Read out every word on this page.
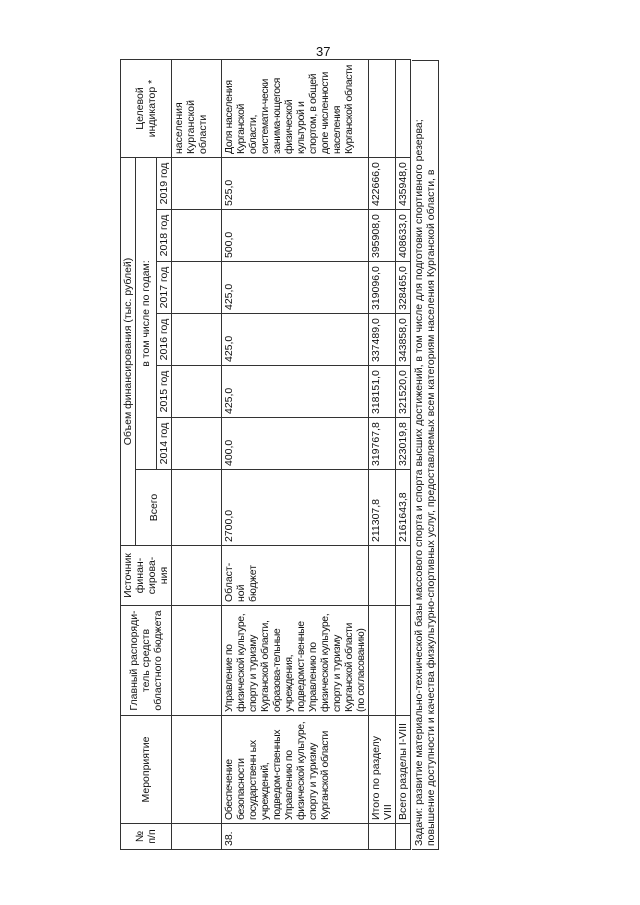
37
№ п/п	Мероприятие	Главный распоряди-тель средств областного бюджета	Источник финан-сирова-ния	Объем финансирования (тыс. рублей)							Целевой индикатор *
				Всего	в том числе по годам:						
					2014 год	2015 год	2016 год	2017 год	2018 год	2019 год	
											населения Курганской области
38.	Обеспечение безопасности государственн ых учреждений, подведом-ственных Управлению по физической культуре, спорту и туризму Курганской области	Управление по физической культуре, спорту и туризму Курганской области, образова-тельные учреждения, подведомст-венные Управлению по физической культуре, спорту и туризму Курганской области (по согласованию)	Област-ной бюджет	2700,0	400,0	425,0	425,0	425,0	500,0	525,0	Доля населения Курганской области, системати-чески занима-ющегося физической культурой и спортом, в общей допе численности населения Курганской области
	Итого по разделу VIII			211307,8	319767,8	318151,0	337489,0	319096,0	395908,0	422666,0	
	Всего разделы I-VIII			2161643,8	323019,8	321520,0	343858,0	328465,0	408633,0	435948,0	Задачи: развитие материально-технической базы массового спорта и спорта высших достижений, в том числе для подготовки спортивного резерва; повышение доступности и качества физкультурно-спортивных услуг, предоставляемых всем категориям населения Курганской области, в
